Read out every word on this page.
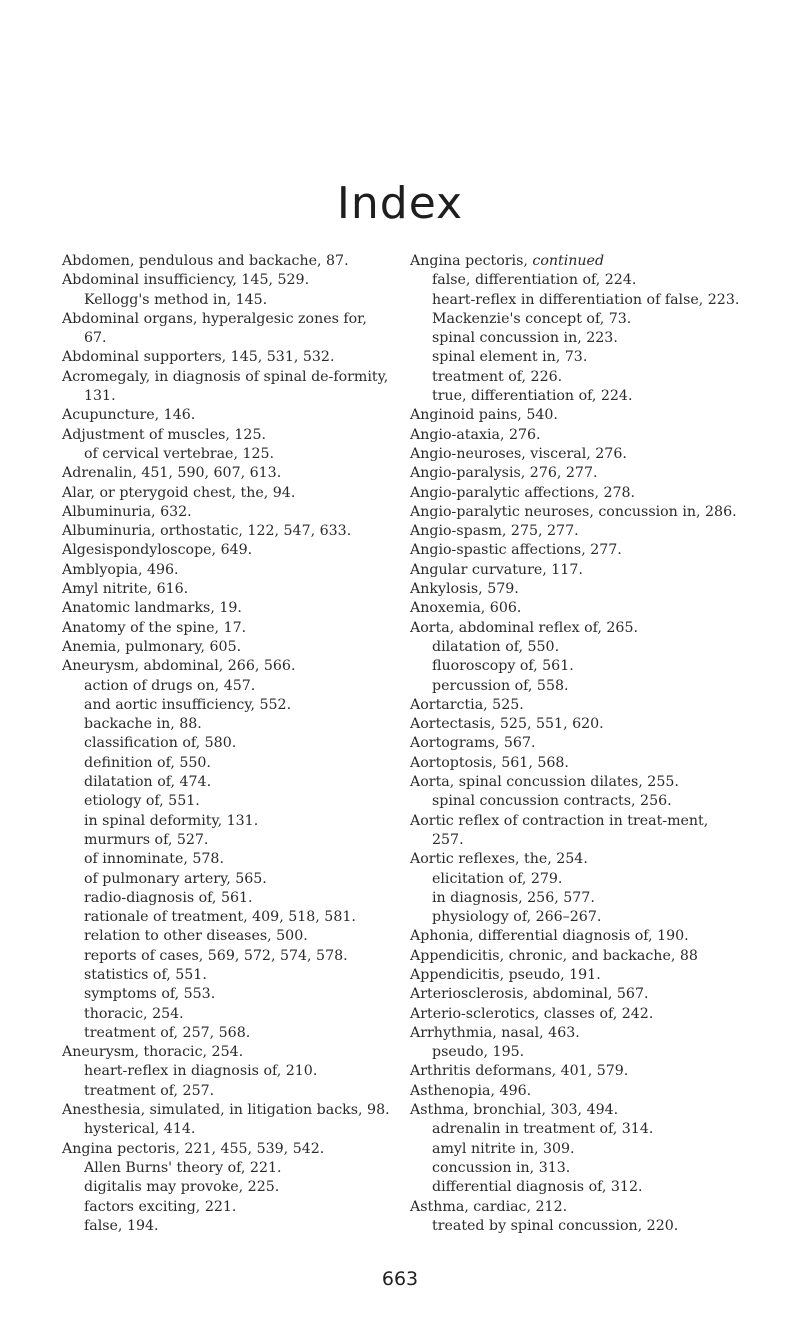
Index

Abdomen, pendulous and backache, 87.

Abdominal insufficiency, 145, 529.

Kellogg's method in, 145.

Abdominal organs, hyperalgesic zones for, 67.

Abdominal supporters, 145, 531, 532.

Acromegaly, in diagnosis of spinal de-formity, 131.

Acupuncture, 146.

Adjustment of muscles, 125.

of cervical vertebrae, 125.

Adrenalin, 451, 590, 607, 613.

Alar, or pterygoid chest, the, 94.

Albuminuria, 632.

Albuminuria, orthostatic, 122, 547, 633.

Algesispondyloscope, 649.

Amblyopia, 496.

Amyl nitrite, 616.

Anatomic landmarks, 19.

Anatomy of the spine, 17.

Anemia, pulmonary, 605.

Aneurysm, abdominal, 266, 566.

action of drugs on, 457.

and aortic insufficiency, 552.

backache in, 88.

classification of, 580.

definition of, 550.

dilatation of, 474.

etiology of, 551.

in spinal deformity, 131.

murmurs of, 527.

of innominate, 578.

of pulmonary artery, 565.

radio-diagnosis of, 561.

rationale of treatment, 409, 518, 581.

relation to other diseases, 500.

reports of cases, 569, 572, 574, 578.

statistics of, 551.

symptoms of, 553.

thoracic, 254.

treatment of, 257, 568.

Aneurysm, thoracic, 254.

heart-reflex in diagnosis of, 210.

treatment of, 257.

Anesthesia, simulated, in litigation backs, 98.

hysterical, 414.

Angina pectoris, 221, 455, 539, 542.

Allen Burns' theory of, 221.

digitalis may provoke, 225.

factors exciting, 221.

false, 194.

Angina pectoris, continued

false, differentiation of, 224.

heart-reflex in differentiation of false, 223.

Mackenzie's concept of, 73.

spinal concussion in, 223.

spinal element in, 73.

treatment of, 226.

true, differentiation of, 224.

Anginoid pains, 540.

Angio-ataxia, 276.

Angio-neuroses, visceral, 276.

Angio-paralysis, 276, 277.

Angio-paralytic affections, 278.

Angio-paralytic neuroses, concussion in, 286.

Angio-spasm, 275, 277.

Angio-spastic affections, 277.

Angular curvature, 117.

Ankylosis, 579.

Anoxemia, 606.

Aorta, abdominal reflex of, 265.

dilatation of, 550.

fluoroscopy of, 561.

percussion of, 558.

Aortarctia, 525.

Aortectasis, 525, 551, 620.

Aortograms, 567.

Aortoptosis, 561, 568.

Aorta, spinal concussion dilates, 255.

spinal concussion contracts, 256.

Aortic reflex of contraction in treat-ment, 257.

Aortic reflexes, the, 254.

elicitation of, 279.

in diagnosis, 256, 577.

physiology of, 266–267.

Aphonia, differential diagnosis of, 190.

Appendicitis, chronic, and backache, 88

Appendicitis, pseudo, 191.

Arteriosclerosis, abdominal, 567.

Arterio-sclerotics, classes of, 242.

Arrhythmia, nasal, 463.

pseudo, 195.

Arthritis deformans, 401, 579.

Asthenopia, 496.

Asthma, bronchial, 303, 494.

adrenalin in treatment of, 314.

amyl nitrite in, 309.

concussion in, 313.

differential diagnosis of, 312.

Asthma, cardiac, 212.

treated by spinal concussion, 220.

663
